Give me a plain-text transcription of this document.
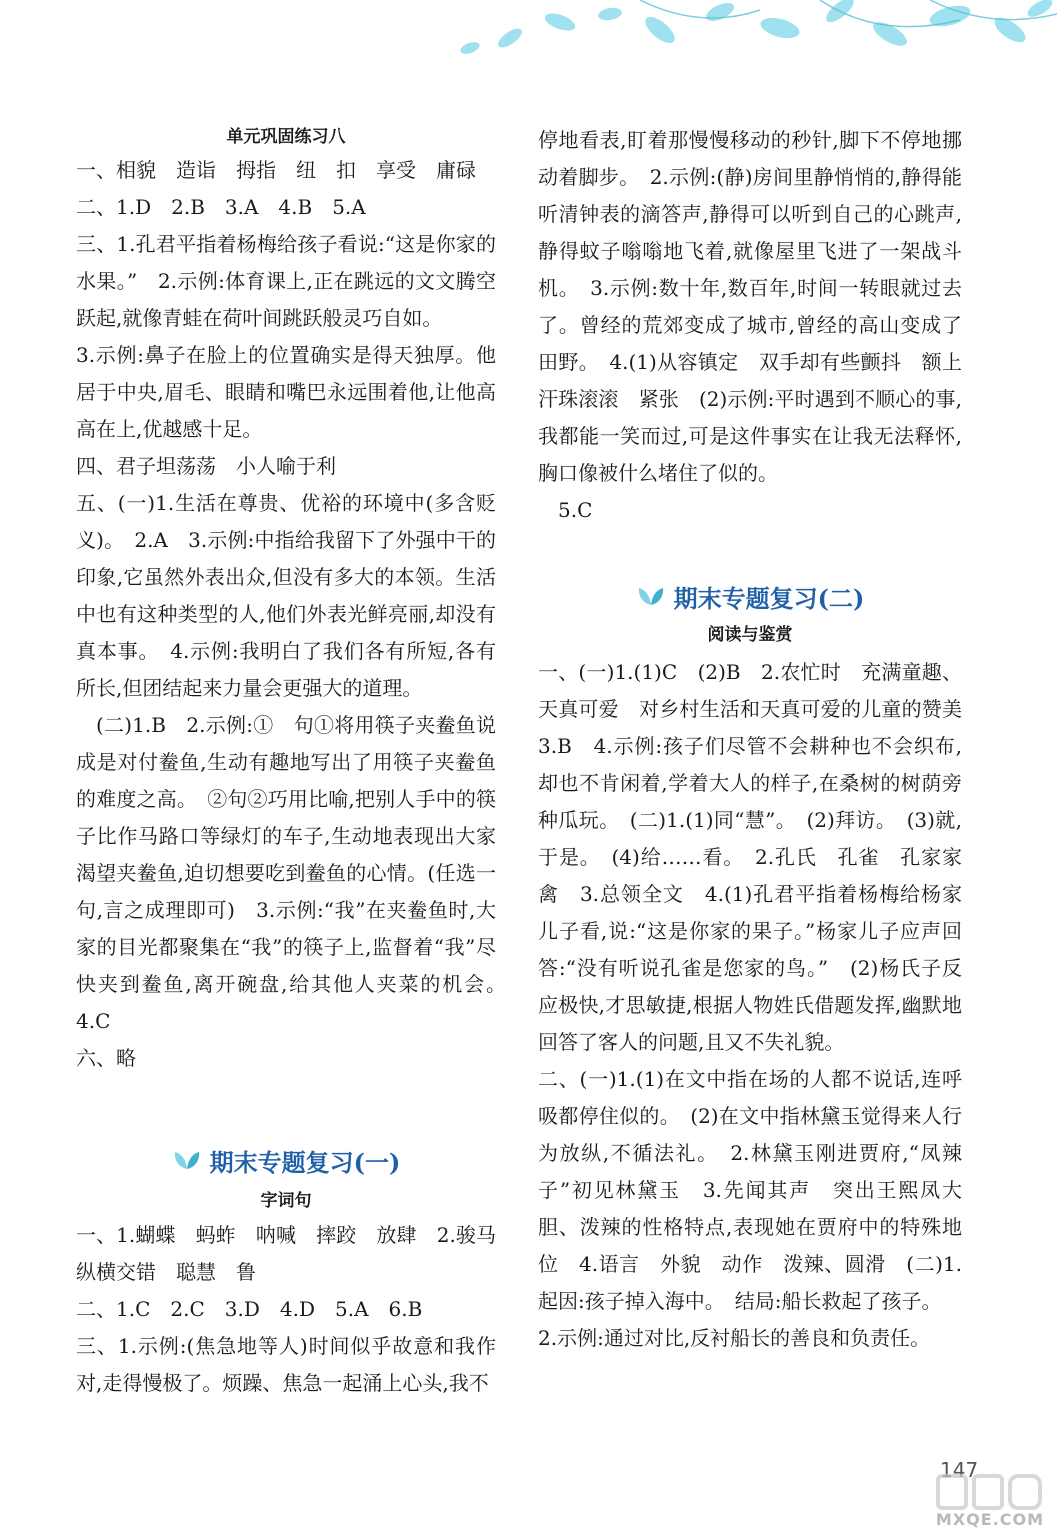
单元巩固练习八

一、相貌　造诣　拇指　纽　扣　享受　庸碌

二、1.D　2.B　3.A　4.B　5.A

三、1.孔君平指着杨梅给孩子看说:“这是你家的水果。”　2.示例:体育课上,正在跳远的文文腾空跃起,就像青蛙在荷叶间跳跃般灵巧自如。

3.示例:鼻子在脸上的位置确实是得天独厚。他居于中央,眉毛、眼睛和嘴巴永远围着他,让他高高在上,优越感十足。

四、君子坦荡荡　小人喻于利

五、(一)1.生活在尊贵、优裕的环境中(多含贬义)。　2.A　3.示例:中指给我留下了外强中干的印象,它虽然外表出众,但没有多大的本领。生活中也有这种类型的人,他们外表光鲜亮丽,却没有真本事。　4.示例:我明白了我们各有所短,各有所长,但团结起来力量会更强大的道理。

(二)1.B　2.示例:①　句①将用筷子夹鲞鱼说成是对付鲞鱼,生动有趣地写出了用筷子夹鲞鱼的难度之高。　②句②巧用比喻,把别人手中的筷子比作马路口等绿灯的车子,生动地表现出大家渴望夹鲞鱼,迫切想要吃到鲞鱼的心情。(任选一句,言之成理即可)　3.示例:“我”在夹鲞鱼时,大家的目光都聚集在“我”的筷子上,监督着“我”尽快夹到鲞鱼,离开碗盘,给其他人夹菜的机会。　4.C

六、略

期末专题复习(一)
字词句

一、1.蝴蝶　蚂蚱　呐喊　摔跤　放肆　2.骏马　纵横交错　聪慧　鲁

二、1.C　2.C　3.D　4.D　5.A　6.B

三、1.示例:(焦急地等人)时间似乎故意和我作对,走得慢极了。烦躁、焦急一起涌上心头,我不

停地看表,盯着那慢慢移动的秒针,脚下不停地挪动着脚步。　2.示例:(静)房间里静悄悄的,静得能听清钟表的滴答声,静得可以听到自己的心跳声,静得蚊子嗡嗡地飞着,就像屋里飞进了一架战斗机。　3.示例:数十年,数百年,时间一转眼就过去了。曾经的荒郊变成了城市,曾经的高山变成了田野。　4.(1)从容镇定　双手却有些颤抖　额上汗珠滚滚　紧张　(2)示例:平时遇到不顺心的事,我都能一笑而过,可是这件事实在让我无法释怀,胸口像被什么堵住了似的。

5.C

期末专题复习(二)
阅读与鉴赏

一、(一)1.(1)C　(2)B　2.农忙时　充满童趣、天真可爱　对乡村生活和天真可爱的儿童的赞美　3.B　4.示例:孩子们尽管不会耕种也不会织布,却也不肯闲着,学着大人的样子,在桑树的树荫旁种瓜玩。　(二)1.(1)同“慧”。　(2)拜访。　(3)就,于是。　(4)给……看。　2.孔氏　孔雀　孔家家禽　3.总领全文　4.(1)孔君平指着杨梅给杨家儿子看,说:“这是你家的果子。”杨家儿子应声回答:“没有听说孔雀是您家的鸟。”　(2)杨氏子反应极快,才思敏捷,根据人物姓氏借题发挥,幽默地回答了客人的问题,且又不失礼貌。

二、(一)1.(1)在文中指在场的人都不说话,连呼吸都停住似的。　(2)在文中指林黛玉觉得来人行为放纵,不循法礼。　2.林黛玉刚进贾府,“凤辣子”初见林黛玉　3.先闻其声　突出王熙凤大胆、泼辣的性格特点,表现她在贾府中的特殊地位　4.语言　外貌　动作　泼辣、圆滑　(二)1.起因:孩子掉入海中。　结局:船长救起了孩子。

2.示例:通过对比,反衬船长的善良和负责任。

147
MXQE.COM
